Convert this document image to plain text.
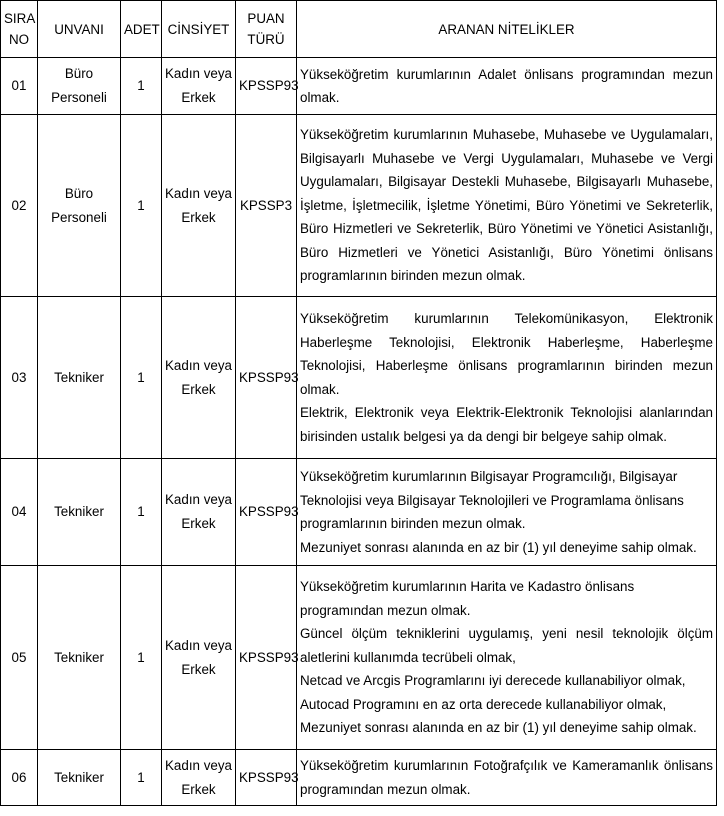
SIRA NO	UNVANI	ADET	CİNSİYET	PUAN TÜRÜ	ARANAN NİTELİKLER
01	Büro Personeli	1	Kadın veya Erkek	KPSSP93	Yükseköğretim kurumlarının Adalet önlisans programından mezun olmak.

02	Büro Personeli	1	Kadın veya Erkek	KPSSP3	Yükseköğretim kurumlarının Muhasebe, Muhasebe ve Uygulamaları, Bilgisayarlı Muhasebe ve Vergi Uygulamaları, Muhasebe ve Vergi Uygulamaları, Bilgisayar Destekli Muhasebe, Bilgisayarlı Muhasebe, İşletme, İşletmecilik, İşletme Yönetimi, Büro Yönetimi ve Sekreterlik, Büro Hizmetleri ve Sekreterlik, Büro Yönetimi ve Yönetici Asistanlığı, Büro Hizmetleri ve Yönetici Asistanlığı, Büro Yönetimi önlisans programlarının birinden mezun olmak.

03	Tekniker	1	Kadın veya Erkek	KPSSP93	Yükseköğretim kurumlarının Telekomünikasyon, Elektronik Haberleşme Teknolojisi, Elektronik Haberleşme, Haberleşme Teknolojisi, Haberleşme önlisans programlarının birinden mezun olmak.
Elektrik, Elektronik veya Elektrik-Elektronik Teknolojisi alanlarından birisinden ustalık belgesi ya da dengi bir belgeye sahip olmak.

04	Tekniker	1	Kadın veya Erkek	KPSSP93	Yükseköğretim kurumlarının Bilgisayar Programcılığı, Bilgisayar Teknolojisi veya Bilgisayar Teknolojileri ve Programlama önlisans programlarının birinden mezun olmak.
Mezuniyet sonrası alanında en az bir (1) yıl deneyime sahip olmak.

05	Tekniker	1	Kadın veya Erkek	KPSSP93	Yükseköğretim kurumlarının Harita ve Kadastro önlisans programından mezun olmak.
Güncel ölçüm tekniklerini uygulamış, yeni nesil teknolojik ölçüm aletlerini kullanımda tecrübeli olmak,
Netcad ve Arcgis Programlarını iyi derecede kullanabiliyor olmak,
Autocad Programını en az orta derecede kullanabiliyor olmak,
Mezuniyet sonrası alanında en az bir (1) yıl deneyime sahip olmak.

06	Tekniker	1	Kadın veya Erkek	KPSSP93	Yükseköğretim kurumlarının Fotoğrafçılık ve Kameramanlık önlisans programından mezun olmak.
